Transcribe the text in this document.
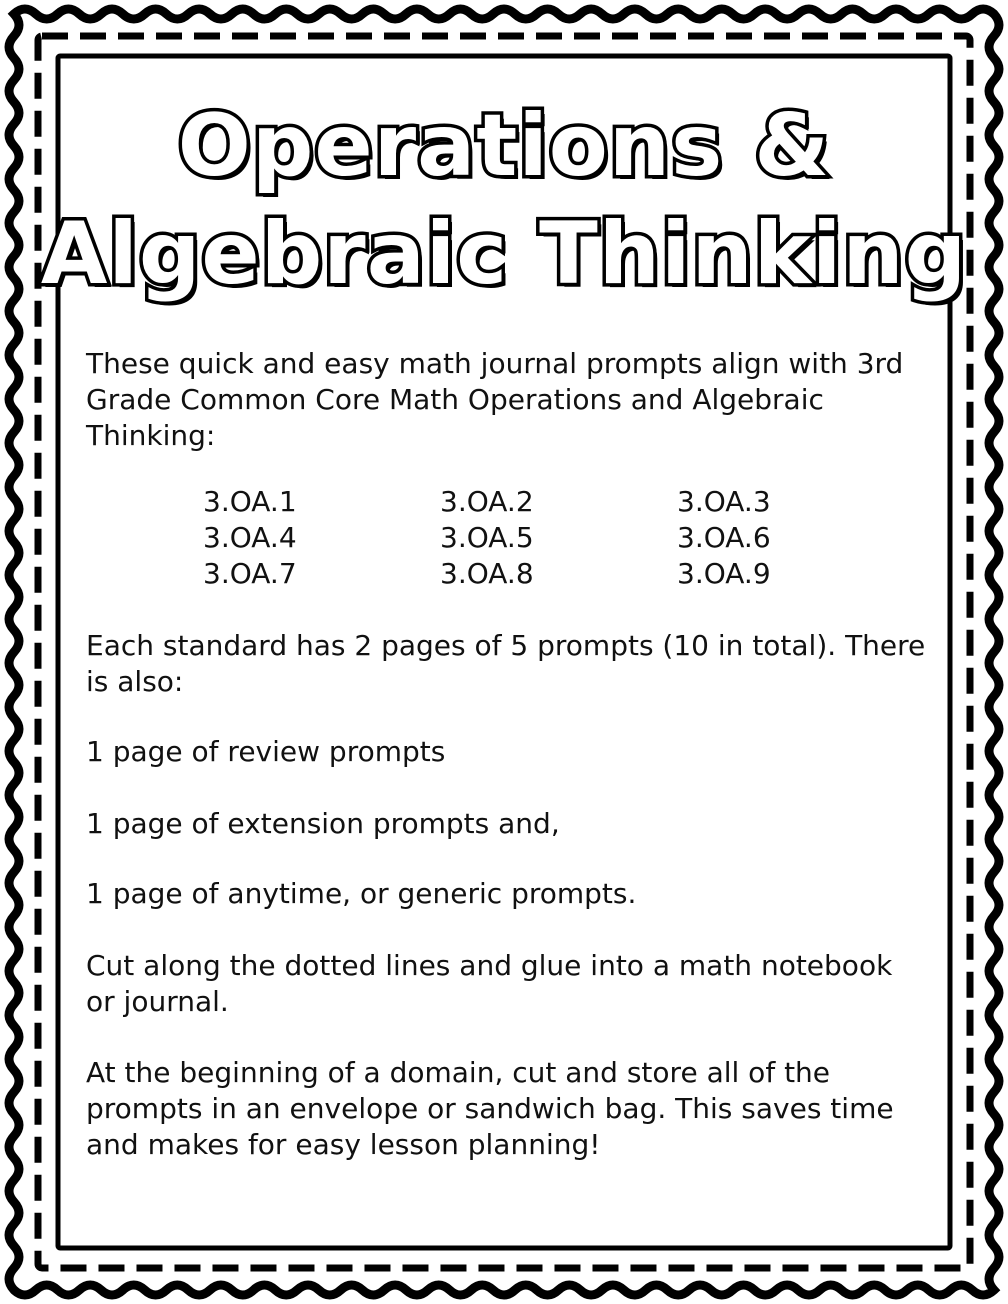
Operations &
Algebraic Thinking

These quick and easy math journal prompts align with 3rd Grade Common Core Math Operations and Algebraic Thinking:

3.OA.1	3.OA.2	3.OA.3
3.OA.4	3.OA.5	3.OA.6
3.OA.7	3.OA.8	3.OA.9

Each standard has 2 pages of 5 prompts (10 in total). There is also:

1 page of review prompts

1 page of extension prompts and,

1 page of anytime, or generic prompts.

Cut along the dotted lines and glue into a math notebook or journal.

At the beginning of a domain, cut and store all of the prompts in an envelope or sandwich bag. This saves time and makes for easy lesson planning!
